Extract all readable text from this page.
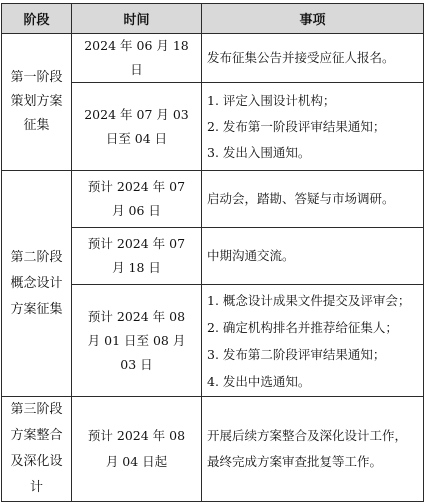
阶段	时间	事项
第一阶段策划方案征集	2024 年 06 月 18 日	发布征集公告并接受应征人报名。

	2024 年 07 月 03 日至 04 日	1. 评定入围设计机构；
2. 发布第一阶段评审结果通知；
3. 发出入围通知。

第二阶段概念设计方案征集	预计 2024 年 07 月 06 日	启动会，踏勘、答疑与市场调研。

	预计 2024 年 07 月 18 日	中期沟通交流。

	预计 2024 年 08 月 01 日至 08 月 03 日	1. 概念设计成果文件提交及评审会；
2. 确定机构排名并推荐给征集人；
3. 发布第二阶段评审结果通知；
4. 发出中选通知。

第三阶段方案整合及深化设计	预计 2024 年 08 月 04 日起	开展后续方案整合及深化设计工作，
最终完成方案审查批复等工作。
